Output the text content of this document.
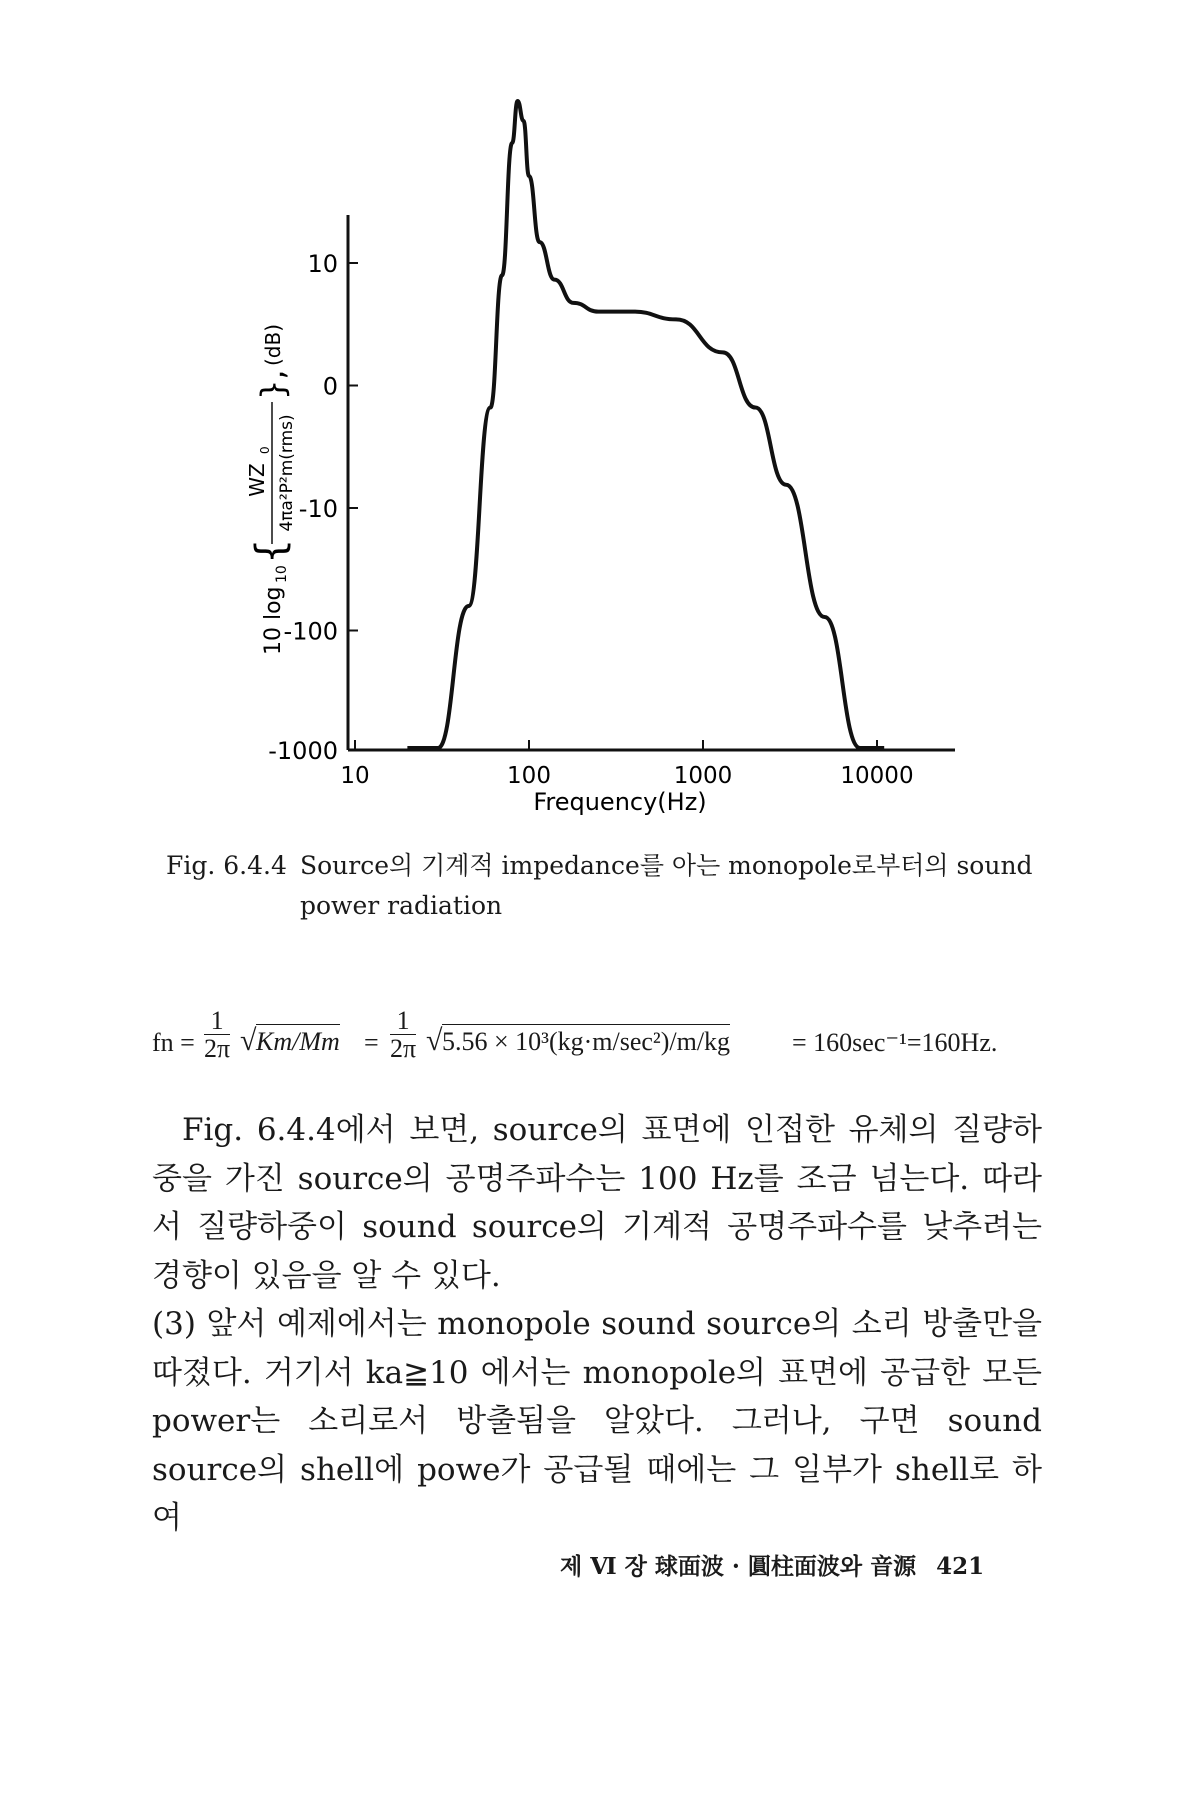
10
0
-10
-100
-1000
10	100	1000	10000
Frequency(Hz)
10 log
10
{
WZ
0 4πa²P²m(rms)
},
(dB)
Fig. 6.4.4 Source의 기계적 impedance를 아는 monopole로부터의 sound power radiation
fn = $\frac{1}{2\pi}$ √ $Km/Mm = \frac{1}{2\pi}$ √ 5.56 × 10³(kg·m/sec²)/m/kg = 160sec⁻¹=160Hz.

Fig. 6.4.4에서 보면, source의 표면에 인접한 유체의 질량하중을 가진 source의 공명주파수는 100 Hz를 조금 넘는다. 따라서 질량하중이 sound source의 기계적 공명주파수를 낮추려는 경향이 있음을 알 수 있다.

(3) 앞서 예제에서는 monopole sound source의 소리 방출만을 따졌다. 거기서 ka≧10 에서는 monopole의 표면에 공급한 모든 power는 소리로서 방출됨을 알았다. 그러나, 구면 sound source의 shell에 powe가 공급될 때에는 그 일부가 shell로 하여

제 Ⅵ 장 球面波 · 圓柱面波와 音源 421
